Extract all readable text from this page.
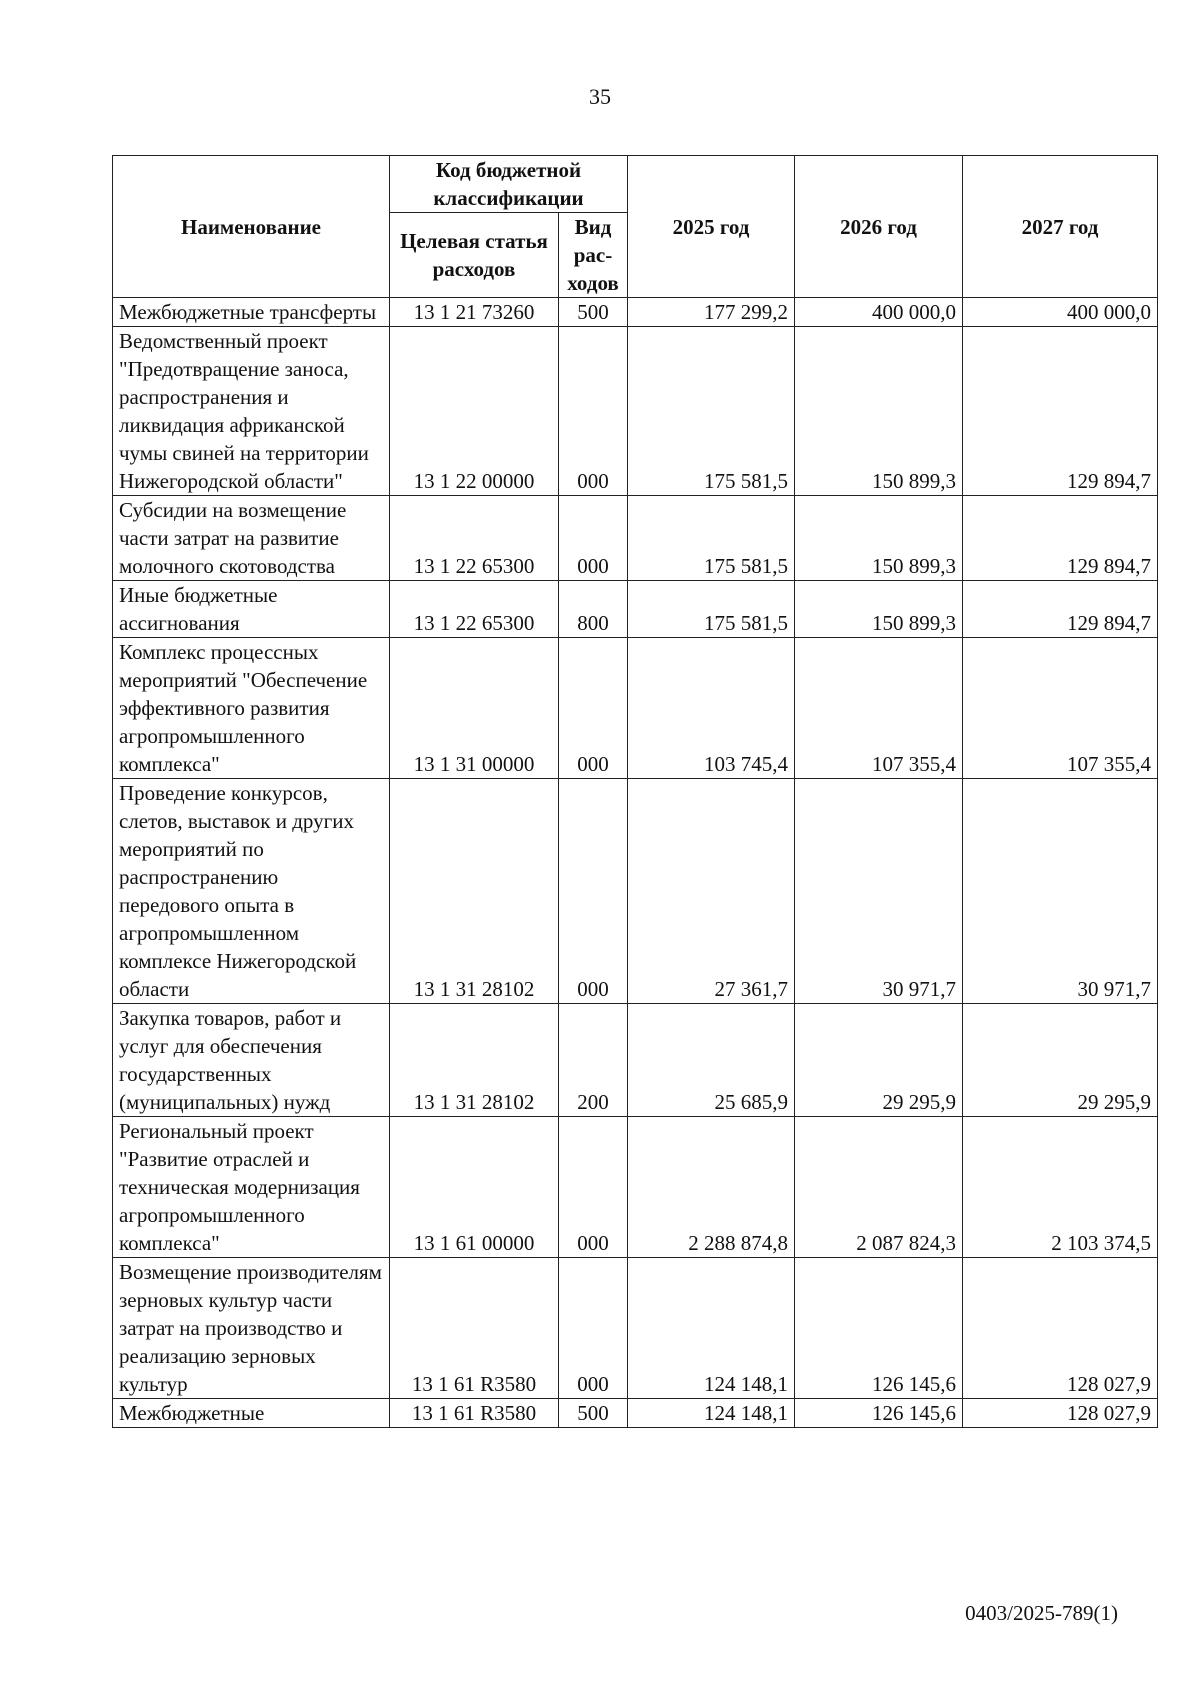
35
Наименование	Код бюджетной классификации		2025 год	2026 год	2027 год
	Целевая статья расходов	Вид рас-ходов			
Межбюджетные трансферты	13 1 21 73260	500	177 299,2	400 000,0	400 000,0
Ведомственный проект "Предотвращение заноса, распространения и ликвидация африканской чумы свиней на территории Нижегородской области"	13 1 22 00000	000	175 581,5	150 899,3	129 894,7
Субсидии на возмещение части затрат на развитие молочного скотоводства	13 1 22 65300	000	175 581,5	150 899,3	129 894,7
Иные бюджетные ассигнования	13 1 22 65300	800	175 581,5	150 899,3	129 894,7
Комплекс процессных мероприятий "Обеспечение эффективного развития агропромышленного комплекса"	13 1 31 00000	000	103 745,4	107 355,4	107 355,4
Проведение конкурсов, слетов, выставок и других мероприятий по распространению передового опыта в агропромышленном комплексе Нижегородской области	13 1 31 28102	000	27 361,7	30 971,7	30 971,7
Закупка товаров, работ и услуг для обеспечения государственных (муниципальных) нужд	13 1 31 28102	200	25 685,9	29 295,9	29 295,9
Региональный проект "Развитие отраслей и техническая модернизация агропромышленного комплекса"	13 1 61 00000	000	2 288 874,8	2 087 824,3	2 103 374,5
Возмещение производителям зерновых культур части затрат на производство и реализацию зерновых культур	13 1 61 R3580	000	124 148,1	126 145,6	128 027,9
Межбюджетные	13 1 61 R3580	500	124 148,1	126 145,6	128 027,9
0403/2025-789(1)
